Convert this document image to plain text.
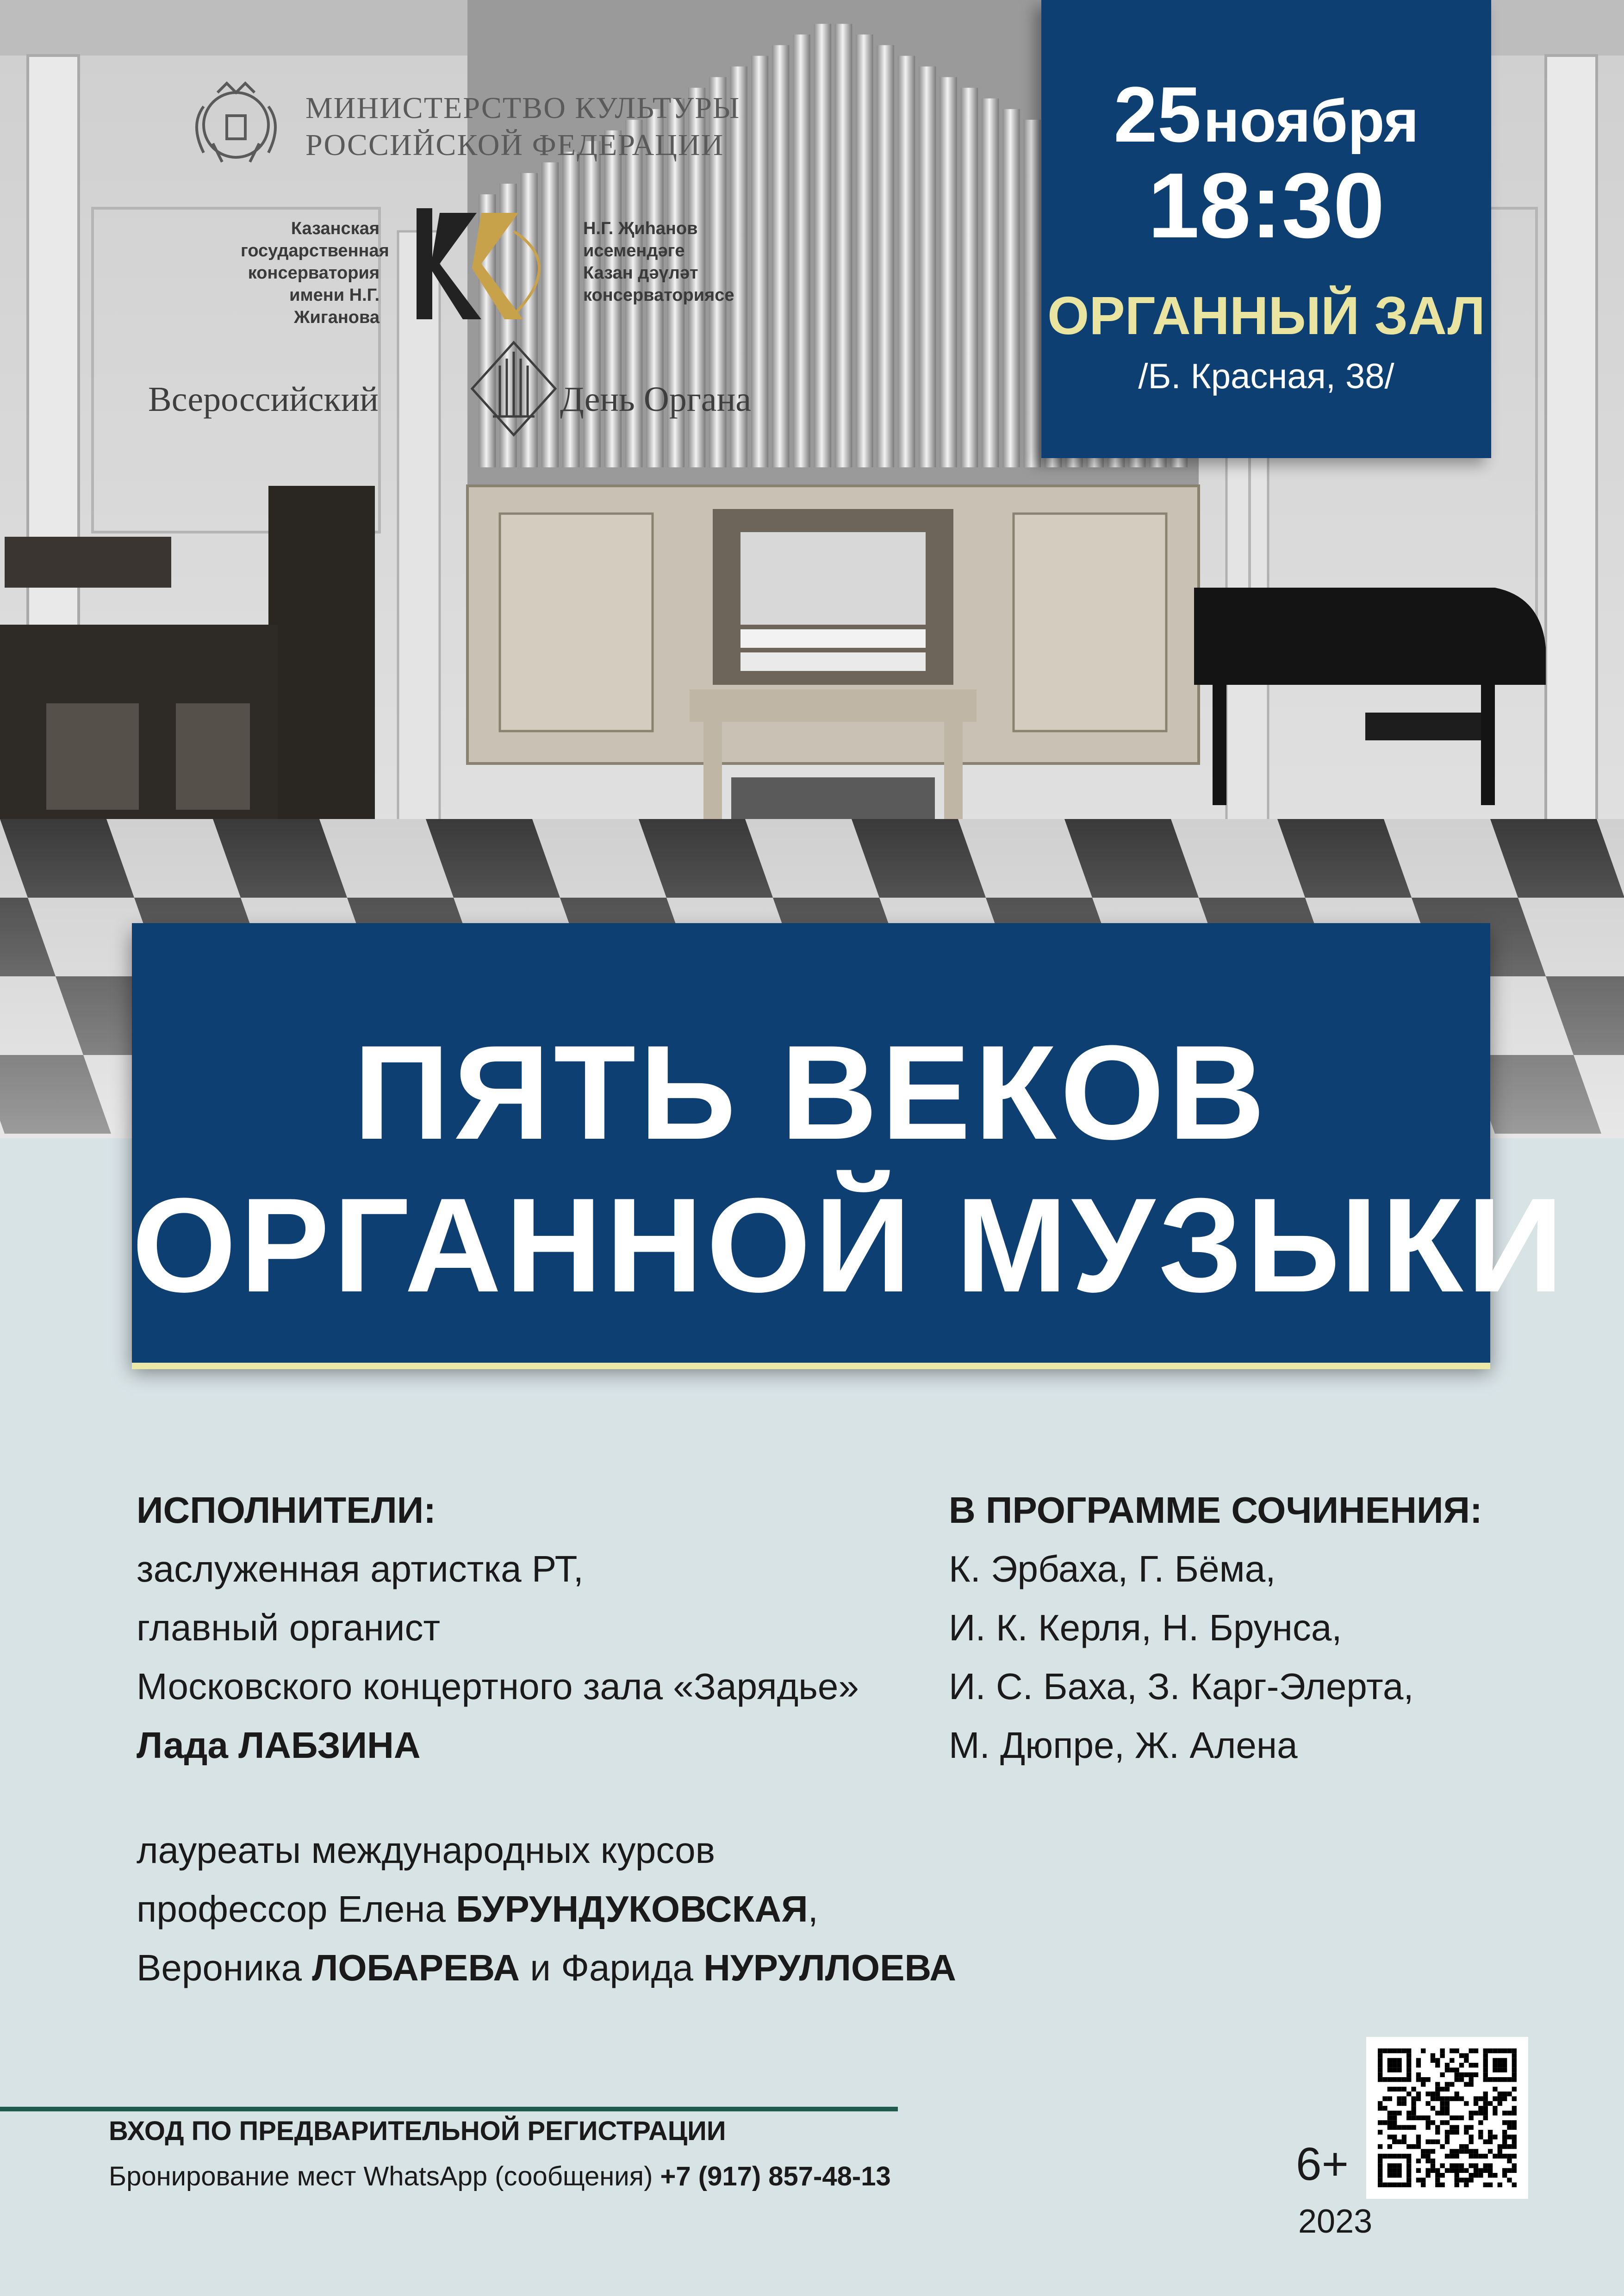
МИНИСТЕРСТВО КУЛЬТУРЫ
РОССИЙСКОЙ ФЕДЕРАЦИИ
Казанская
государственная
консерватория
имени Н.Г. Жиганова
Н.Г. Җиһанов
исемендәге
Казан дәүләт
консерваториясе
Всероссийский	День Органа
25 ноября
18:30
ОРГАННЫЙ ЗАЛ
/Б. Красная, 38/
ПЯТЬ ВЕКОВ
ОРГАННОЙ МУЗЫКИ
ИСПОЛНИТЕЛИ:
заслуженная артистка РТ,
главный органист
Московского концертного зала «Зарядье»
Лада ЛАБЗИНА
лауреаты международных курсов
профессор Елена БУРУНДУКОВСКАЯ,
Вероника ЛОБАРЕВА и Фарида НУРУЛЛОЕВА
В ПРОГРАММЕ СОЧИНЕНИЯ:
К. Эрбаха, Г. Бёма,
И. К. Керля, Н. Брунса,
И. С. Баха, З. Карг-Элерта,
М. Дюпре, Ж. Алена
ВХОД ПО ПРЕДВАРИТЕЛЬНОЙ РЕГИСТРАЦИИ
Бронирование мест WhatsApp (сообщения) +7 (917) 857-48-13	6+
2023
